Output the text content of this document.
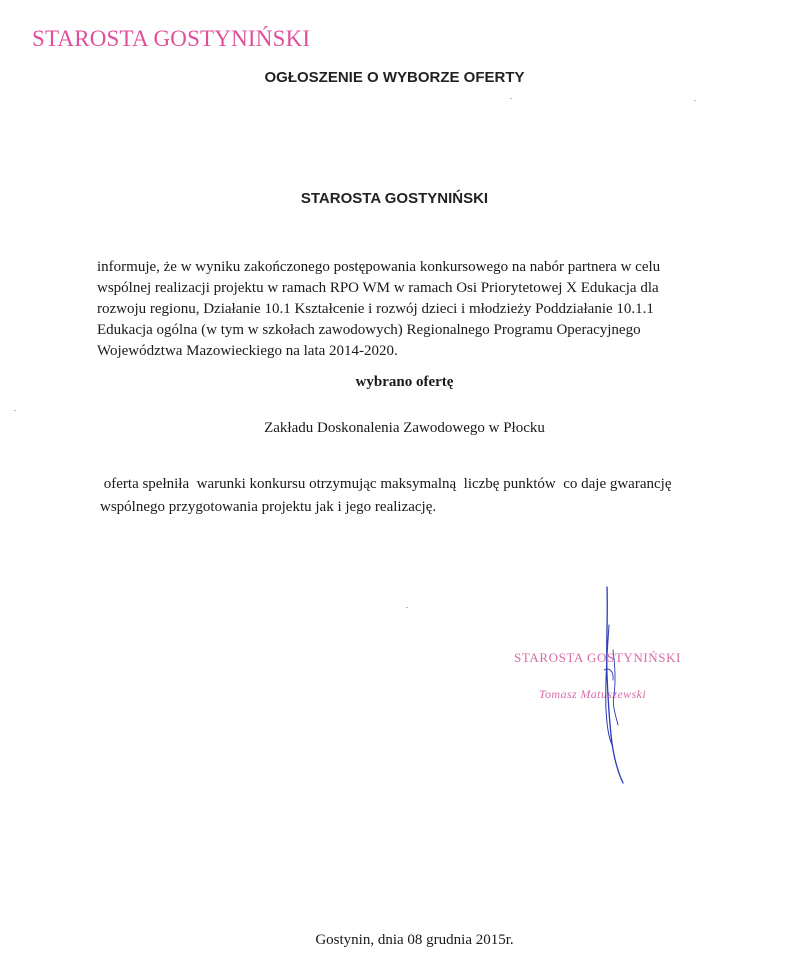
STAROSTA GOSTYNIŃSKI
OGŁOSZENIE O WYBORZE OFERTY
STAROSTA GOSTYNIŃSKI
informuje, że w wyniku zakończonego postępowania konkursowego na nabór partnera w celu
wspólnej realizacji projektu w ramach RPO WM w ramach Osi Priorytetowej X Edukacja dla
rozwoju regionu, Działanie 10.1 Kształcenie i rozwój dzieci i młodzieży Poddziałanie 10.1.1
Edukacja ogólna (w tym w szkołach zawodowych) Regionalnego Programu Operacyjnego
Województwa Mazowieckiego na lata 2014-2020.
wybrano ofertę
Zakładu Doskonalenia Zawodowego w Płocku
oferta spełniła  warunki konkursu otrzymując maksymalną  liczbę punktów  co daje gwarancję
wspólnego przygotowania projektu jak i jego realizację.
STAROSTA GOSTYNIŃSKI
Tomasz Matuszewski
Gostynin, dnia 08 grudnia 2015r.
